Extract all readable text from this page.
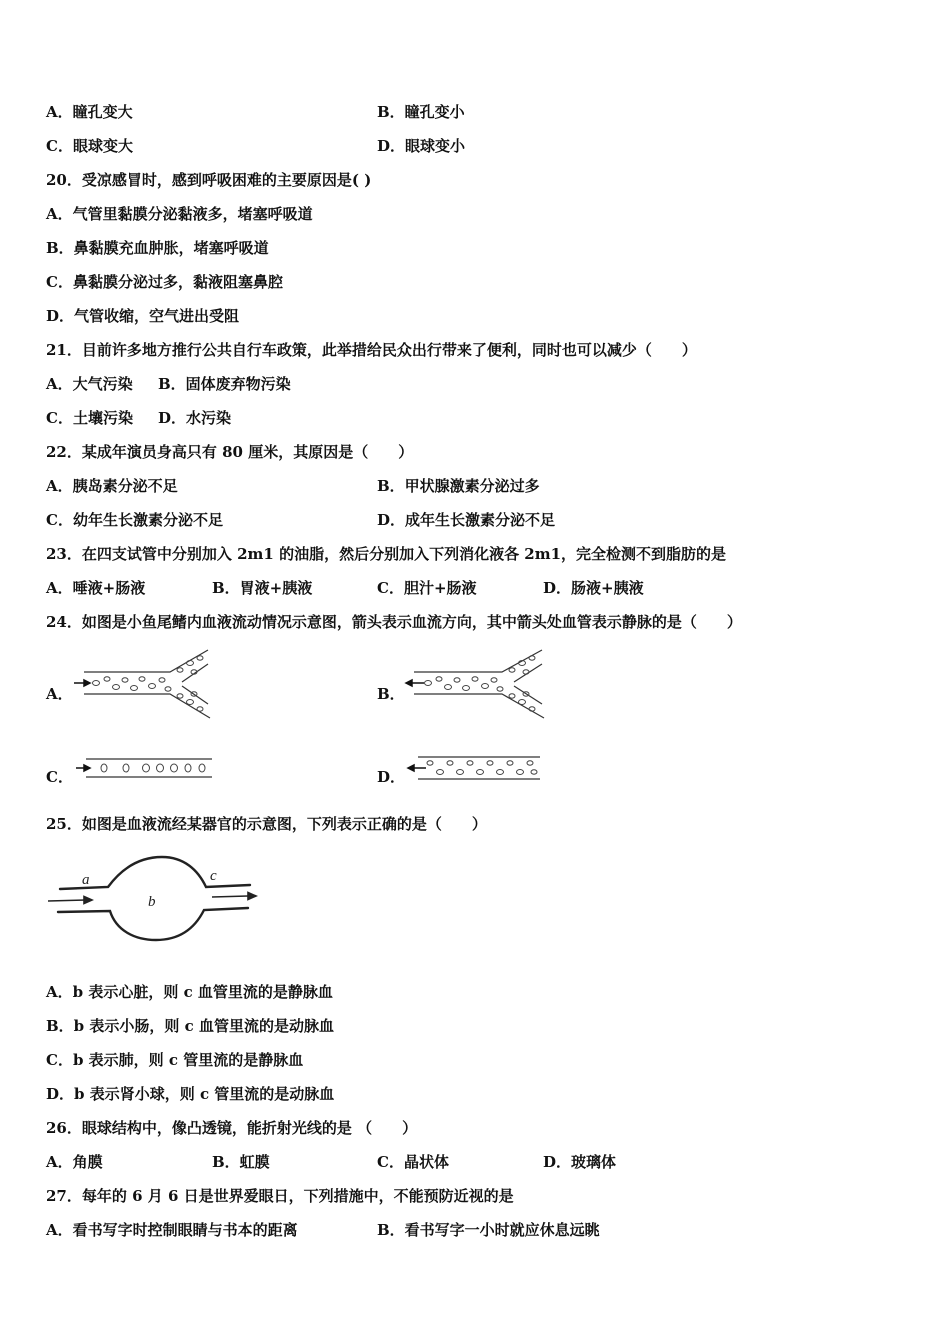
A．瞳孔变大	B．瞳孔变小
C．眼球变大	D．眼球变小
20．受凉感冒时，感到呼吸困难的主要原因是( )
A．气管里黏膜分泌黏液多，堵塞呼吸道
B．鼻黏膜充血肿胀，堵塞呼吸道
C．鼻黏膜分泌过多，黏液阻塞鼻腔
D．气管收缩，空气进出受阻
21．目前许多地方推行公共自行车政策，此举措给民众出行带来了便利，同时也可以减少（　　）
A．大气污染 B．固体废弃物污染
C．土壤污染 D．水污染
22．某成年演员身高只有 80 厘米，其原因是（　　）
A．胰岛素分泌不足	B．甲状腺激素分泌过多
C．幼年生长激素分泌不足	D．成年生长激素分泌不足
23．在四支试管中分别加入 2m1 的油脂，然后分别加入下列消化液各 2m1，完全检测不到脂肪的是
A．唾液+肠液	B．胃液+胰液	C．胆汁+肠液	D．肠液+胰液
24．如图是小鱼尾鳍内血液流动情况示意图，箭头表示血流方向，其中箭头处血管表示静脉的是（　　）
A．	B．
C．	D．
25．如图是血液流经某器官的示意图，下列表示正确的是（　　）
a
b
c
A．b 表示心脏，则 c 血管里流的是静脉血
B．b 表示小肠，则 c 血管里流的是动脉血
C．b 表示肺，则 c 管里流的是静脉血
D．b 表示肾小球，则 c 管里流的是动脉血
26．眼球结构中，像凸透镜，能折射光线的是 （　　）
A．角膜	B．虹膜	C．晶状体	D．玻璃体
27．每年的 6 月 6 日是世界爱眼日，下列措施中，不能预防近视的是
A．看书写字时控制眼睛与书本的距离	B．看书写字一小时就应休息远眺
